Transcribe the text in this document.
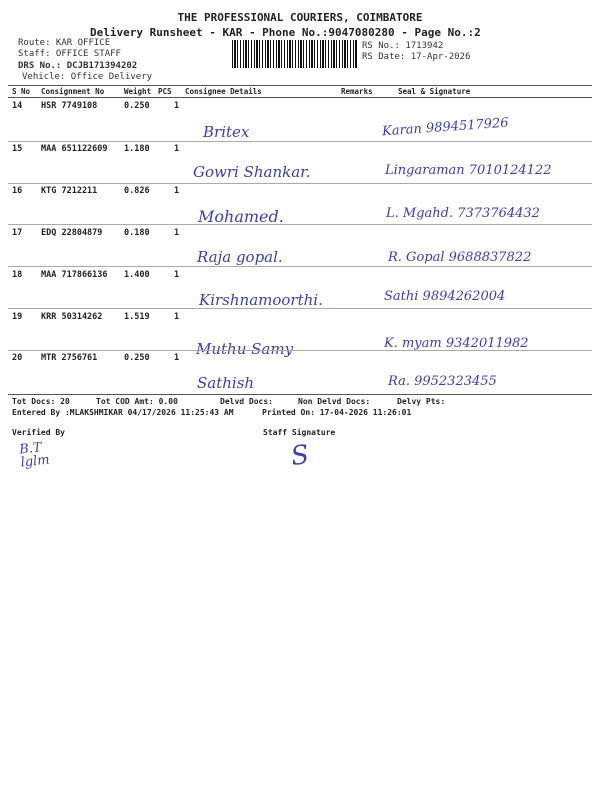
THE PROFESSIONAL COURIERS, COIMBATORE
Delivery Runsheet - KAR - Phone No.:9047080280 - Page No.:2
Route: KAR OFFICE
Staff: OFFICE STAFF
DRS No.: DCJB171394202
Vehicle: Office Delivery
RS No.: 1713942
RS Date: 17-Apr-2026
S No Consignment No	Weight PCS Consignee Details	Remarks	Seal & Signature
14 HSR 7749108	0.250	1
Britex	Karan 9894517926
15 MAA 651122609 1.180	1
Gowri Shankar.	Lingaraman 7010124122
16 KTG 7212211	0.826	1
Mohamed.	L. Mgahd. 7373764432
17 EDQ 22804879	0.180	1
Raja gopal.	R. Gopal 9688837822
18 MAA 717866136 1.400	1
Kirshnamoorthi.	Sathi 9894262004
19 KRR 50314262	1.519	1
Muthu Samy	K. myam 9342011982
20 MTR 2756761	0.250	1
Sathish	Ra. 9952323455
Tot Docs: 20	Tot COD Amt: 0.00	Delvd Docs:	Non Delvd Docs:	Delvy Pts:
Entered By :MLAKSHMIKAR 04/17/2026 11:25:43 AM	Printed On: 17-04-2026 11:26:01
Verified By	Staff Signature
B.T lglm	S
